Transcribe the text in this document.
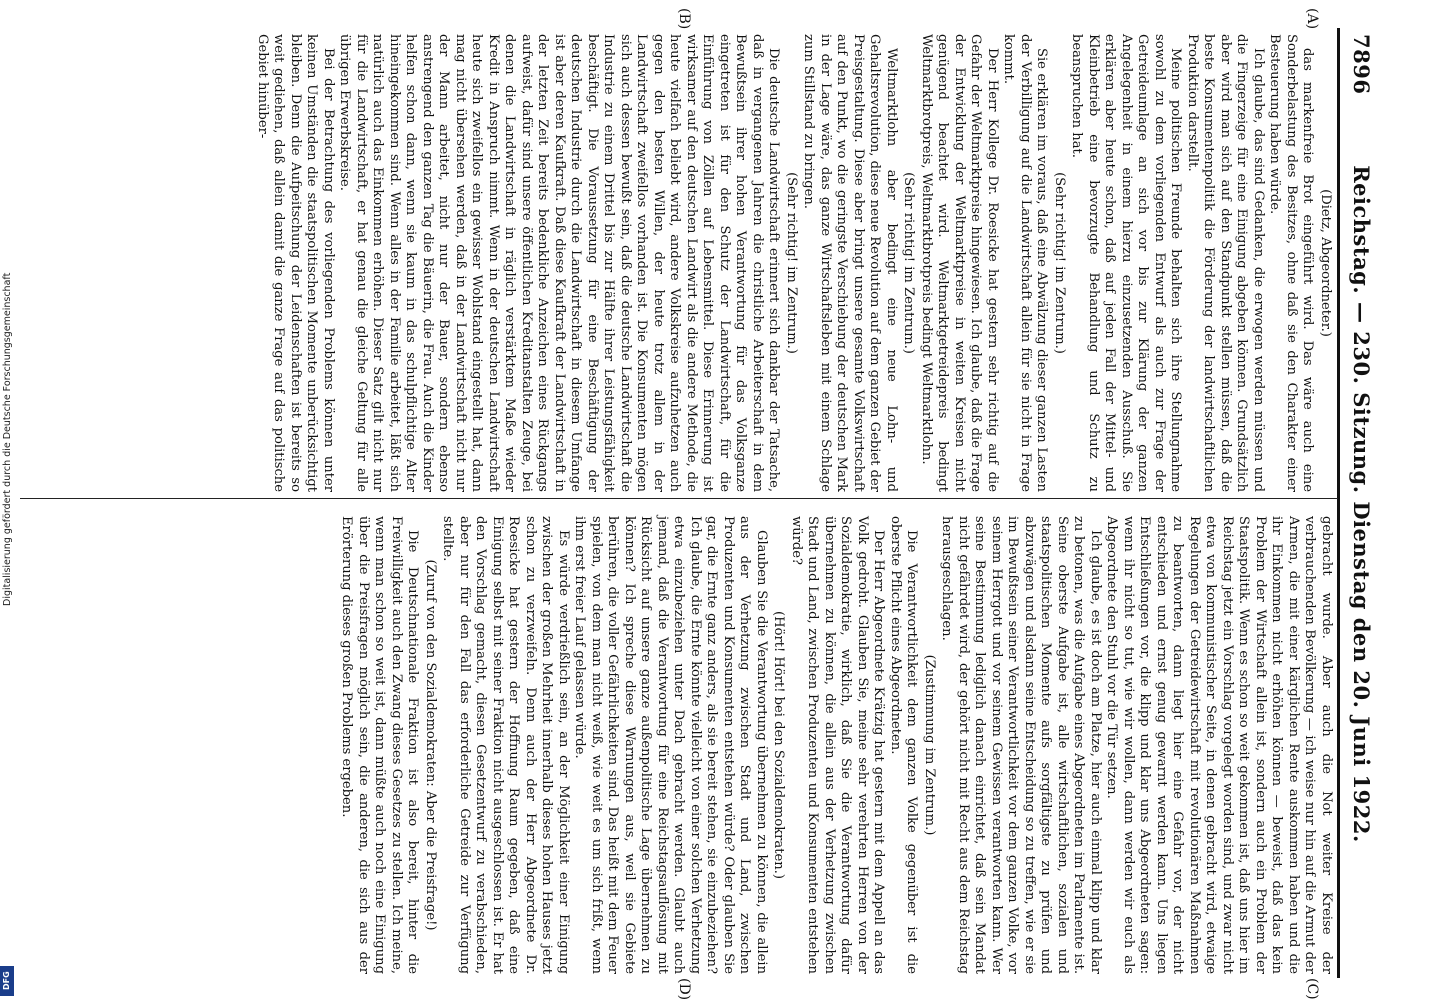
7896
Reichstag. — 230. Sitzung. Dienstag den 20. Juni 1922.
(A)
(B)
(C)
(D)

(Dietz, Abgeordneter.)

das markenfreie Brot eingeführt wird. Das wäre auch eine Sonderbelastung des Besitzes, ohne daß sie den Charakter einer Besteuerung haben würde.

Ich glaube, das sind Gedanken, die erwogen werden müssen und die Fingerzeige für eine Einigung abgeben können. Grundsätzlich aber wird man sich auf den Standpunkt stellen müssen, daß die beste Konsumentenpolitik die Förderung der landwirtschaftlichen Produktion darstellt.

Meine politischen Freunde behalten sich ihre Stellungnahme sowohl zu dem vorliegenden Entwurf als auch zur Frage der Getreideumlage an sich vor bis zur Klärung der ganzen Angelegenheit in einem hierzu einzusetzenden Ausschuß. Sie erklären aber heute schon, daß auf jeden Fall der Mittel- und Kleinbetrieb eine bevorzugte Behandlung und Schutz zu beanspruchen hat.

(Sehr richtig! im Zentrum.)

Sie erklären im voraus, daß eine Abwälzung dieser ganzen Lasten der Verbilligung auf die Landwirtschaft allein für sie nicht in Frage kommt.

Der Herr Kollege Dr. Roesicke hat gestern sehr richtig auf die Gefahr der Weltmarktpreise hingewiesen. Ich glaube, daß die Frage der Entwicklung der Weltmarktpreise in weiten Kreisen nicht genügend beachtet wird. Weltmarktgetreidepreis bedingt Weltmarktbrotpreis, Weltmarktbrotpreis bedingt Weltmarktlohn.

(Sehr richtig! im Zentrum.)

Weltmarktlohn aber bedingt eine neue Lohn- und Gehaltsrevolution, diese neue Revolution auf dem ganzen Gebiet der Preisgestaltung. Diese aber bringt unsere gesamte Volkswirtschaft auf den Punkt, wo die geringste Verschiebung der deutschen Mark in der Lage wäre, das ganze Wirtschaftsleben mit einem Schlage zum Stillstand zu bringen.

(Sehr richtig! im Zentrum.)

Die deutsche Landwirtschaft erinnert sich dankbar der Tatsache, daß in vergangenen Jahren die christliche Arbeiterschaft in dem Bewußtsein ihrer hohen Verantwortung für das Volksganze eingetreten ist für den Schutz der Landwirtschaft, für die Einführung von Zöllen auf Lebensmittel. Diese Erinnerung ist wirksamer auf den deutschen Landwirt als die andere Methode, die heute vielfach beliebt wird, andere Volkskreise aufzuhetzen auch gegen den besten Willen, der heute trotz allem in der Landwirtschaft zweifellos vorhanden ist. Die Konsumenten mögen sich auch dessen bewußt sein, daß die deutsche Landwirtschaft die Industrie zu einem Drittel bis zur Hälfte ihrer Leistungsfähigkeit beschäftigt. Die Voraussetzung für eine Beschäftigung der deutschen Industrie durch die Landwirtschaft in diesem Umfange ist aber deren Kaufkraft. Daß diese Kaufkraft der Landwirtschaft in der letzten Zeit bereits bedenkliche Anzeichen eines Rückgangs aufweist, dafür sind unsere öffentlichen Kreditanstalten Zeuge, bei denen die Landwirtschaft in räglich verstärktem Maße wieder Kredit in Anspruch nimmt. Wenn in der deutschen Landwirtschaft heute sich zweifellos ein gewisser Wohlstand eingestellt hat, dann mag nicht übersehen werden, daß in der Landwirtschaft nicht nur der Mann arbeitet, nicht nur der Bauer, sondern ebenso anstrengend den ganzen Tag die Bäuerin, die Frau. Auch die Kinder helfen schon dann, wenn sie kaum in das schulpflichtige Alter hineingekommen sind. Wenn alles in der Familie arbeitet, läßt sich natürlich auch das Einkommen erhöhen. Dieser Satz gilt nicht nur für die Landwirtschaft, er hat genau die gleiche Geltung für alle übrigen Erwerbskreise.

Bei der Betrachtung des vorliegenden Problems können unter keinen Umständen die staatspolitischen Momente unberücksichtigt bleiben. Denn die Aufpeitschung der Leidenschaften ist bereits so weit gediehen, daß allein damit die ganze Frage auf das politische Gebiet hinüber-

gebracht wurde. Aber auch die Not weiter Kreise der verbrauchenden Bevölkerung — ich weise nur hin auf die Armut der Armen, die mit einer kärglichen Rente auskommen haben und die ihr Einkommen nicht erhöhen können — beweist, daß das kein Problem der Wirtschaft allein ist, sondern auch ein Problem der Staatspolitik. Wenn es schon so weit gekommen ist, daß uns hier im Reichstag jetzt ein Vorschlag vorgelegt worden sind, und zwar nicht etwa von kommunistischer Seite, in denen gebracht wird, etwaige Regelungen der Getreidewirtschaft mit revolutionären Maßnahmen zu beantworten, dann liegt hier eine Gefahr vor, der nicht entschieden und ernst genug gewarnt werden kann. Uns liegen Entschließungen vor, die klipp und klar uns Abgeordneten sagen: wenn ihr nicht so tut, wie wir wollen, dann werden wir euch als Abgeordnete den Stuhl vor die Tür setzen.

Ich glaube, es ist doch am Platze, hier auch einmal klipp und klar zu betonen, was die Aufgabe eines Abgeordneten im Parlamente ist. Seine oberste Aufgabe ist, alle wirtschaftlichen, sozialen und staatspolitischen Momente aufs sorgfältigste zu prüfen und abzuwägen und alsdann seine Entscheidung so zu treffen, wie er sie im Bewußtsein seiner Verantwortlichkeit vor dem ganzen Volke, vor seinem Herrgott und vor seinem Gewissen verantworten kann. Wer seine Bestimmung lediglich danach einrichtet, daß sein Mandat nicht gefährdet wird, der gehört nicht mit Recht aus dem Reichstag herausgeschlagen.

(Zustimmung im Zentrum.)

Die Verantwortlichkeit dem ganzen Volke gegenüber ist die oberste Pflicht eines Abgeordneten.

Der Herr Abgeordnete Krätzig hat gestern mit dem Appell an das Volk gedroht. Glauben Sie, meine sehr verehrten Herren von der Sozialdemokratie, wirklich, daß Sie die Verantwortung dafür übernehmen zu können, die allein aus der Verhetzung zwischen Stadt und Land, zwischen Produzenten und Konsumenten entstehen würde?

(Hört! Hört! bei den Sozialdemokraten.)

Glauben Sie die Verantwortung übernehmen zu können, die allein aus der Verhetzung zwischen Stadt und Land, zwischen Produzenten und Konsumenten entstehen würde? Oder glauben Sie gar, die Ernte ganz anders, als sie bereit stehen, sie einzubeziehen? Ich glaube, die Ernte könnte vielleicht von einer solchen Verhetzung etwa einzubeziehen unter Dach gebracht werden. Glaubt auch jemand, daß die Verantwortung für eine Reichstagsauflösung mit Rücksicht auf unsere ganze außenpolitische Lage übernehmen zu können? Ich spreche diese Warnungen aus, weil sie Gebiete berühren, die voller Gefährlichkeiten sind. Das heißt mit dem Feuer spielen, von dem man nicht weiß, wie weit es um sich frißt, wenn ihm erst freier Lauf gelassen würde.

Es würde verdrießlich sein, an der Möglichkeit einer Einigung zwischen der großen Mehrheit innerhalb dieses hohen Hauses jetzt schon zu verzweifeln. Denn auch der Herr Abgeordnete Dr. Roesicke hat gestern der Hoffnung Raum gegeben, daß eine Einigung selbst mit seiner Fraktion nicht ausgeschlossen ist. Er hat den Vorschlag gemacht, diesen Gesetzentwurf zu verabschieden, aber nur für den Fall das erforderliche Getreide zur Verfügung stellte.

(Zuruf von den Sozialdemokraten: Aber die Preisfrage!)

Die Deutschnationale Fraktion ist also bereit, hinter die Freiwilligkeit auch den Zwang dieses Gesetzes zu stellen. Ich meine, wenn man schon so weit ist, dann müßte auch noch eine Einigung über die Preisfragen möglich sein, die anderen, die sich aus der Erörterung dieses großen Problems ergeben.

Digitalisierung gefördert durch die Deutsche Forschungsgemeinschaft
DFG
